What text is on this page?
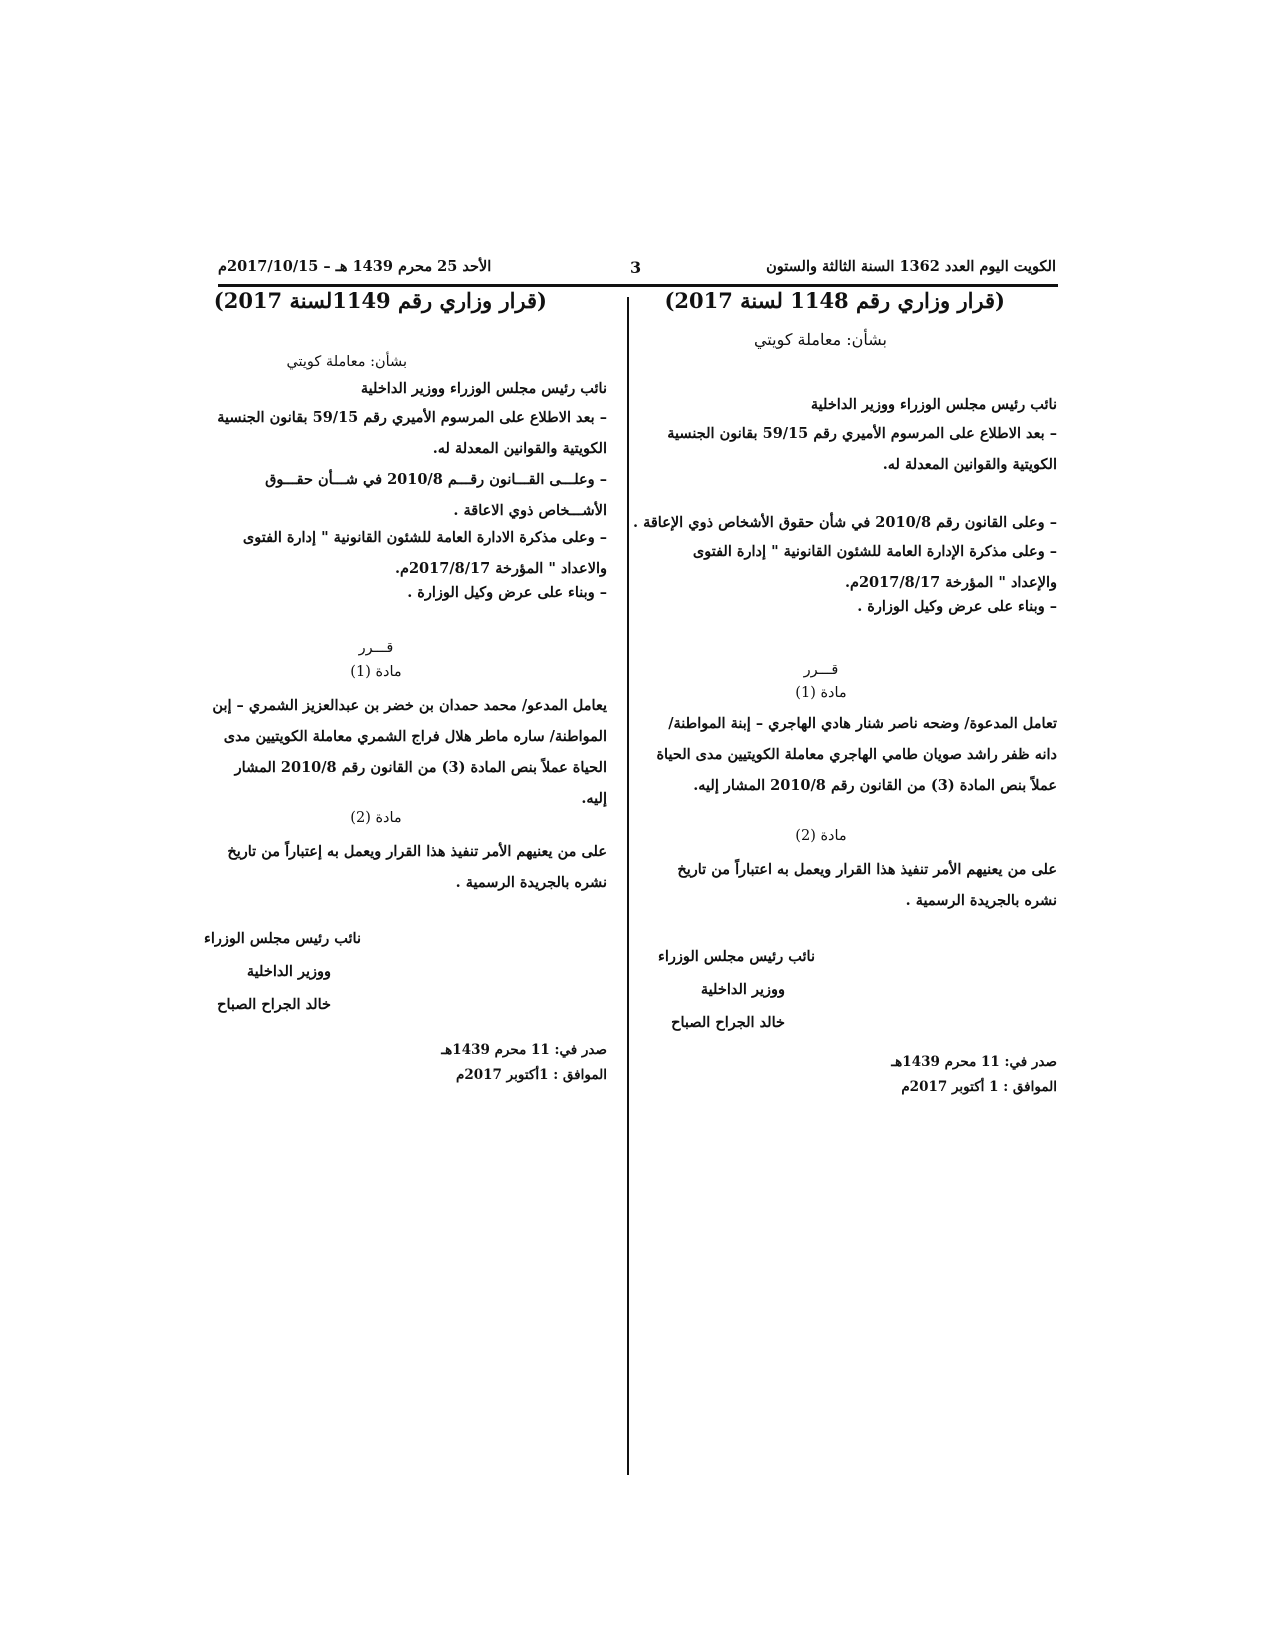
الكويت اليوم العدد 1362 السنة الثالثة والستون
3
الأحد 25 محرم 1439 هـ – 2017/10/15م
(قرار وزاري رقم 1148 لسنة 2017)
بشأن: معاملة كويتي
نائب رئيس مجلس الوزراء ووزير الداخلية
– بعد الاطلاع على المرسوم الأميري رقم 59/15 بقانون الجنسية الكويتية والقوانين المعدلة له.
– وعلى القانون رقم 2010/8 في شأن حقوق الأشخاص ذوي الإعاقة .
– وعلى مذكرة الإدارة العامة للشئون القانونية " إدارة الفتوى والإعداد " المؤرخة 2017/8/17م.
– وبناء على عرض وكيل الوزارة .
قـــرر
مادة (1)
تعامل المدعوة/ وضحه ناصر شنار هادي الهاجري – إبنة المواطنة/ دانه ظفر راشد صويان طامي الهاجري معاملة الكويتيين مدى الحياة عملاً بنص المادة (3) من القانون رقم 2010/8 المشار إليه.
مادة (2)
على من يعنيهم الأمر تنفيذ هذا القرار ويعمل به اعتباراً من تاريخ نشره بالجريدة الرسمية .
نائب رئيس مجلس الوزراء
ووزير الداخلية
خالد الجراح الصباح
صدر في: 11 محرم 1439هـ
الموافق : 1 أكتوبر 2017م
(قرار وزاري رقم 1149لسنة 2017)
بشأن: معاملة كويتي
نائب رئيس مجلس الوزراء ووزير الداخلية
– بعد الاطلاع على المرسوم الأميري رقم 59/15 بقانون الجنسية الكويتية والقوانين المعدلة له.
– وعلـــى القـــانون رقـــم 2010/8 في شـــأن حقـــوق الأشـــخاص ذوي الاعاقة .
– وعلى مذكرة الادارة العامة للشئون القانونية " إدارة الفتوى والاعداد " المؤرخة 2017/8/17م.
– وبناء على عرض وكيل الوزارة .
قـــرر
مادة (1)
يعامل المدعو/ محمد حمدان بن خضر بن عبدالعزيز الشمري – إبن المواطنة/ ساره ماطر هلال فراج الشمري معاملة الكويتيين مدى الحياة عملاً بنص المادة (3) من القانون رقم 2010/8 المشار إليه.
مادة (2)
على من يعنيهم الأمر تنفيذ هذا القرار ويعمل به إعتباراً من تاريخ نشره بالجريدة الرسمية .
نائب رئيس مجلس الوزراء
ووزير الداخلية
خالد الجراح الصباح
صدر في: 11 محرم 1439هـ
الموافق : 1أكتوبر 2017م
